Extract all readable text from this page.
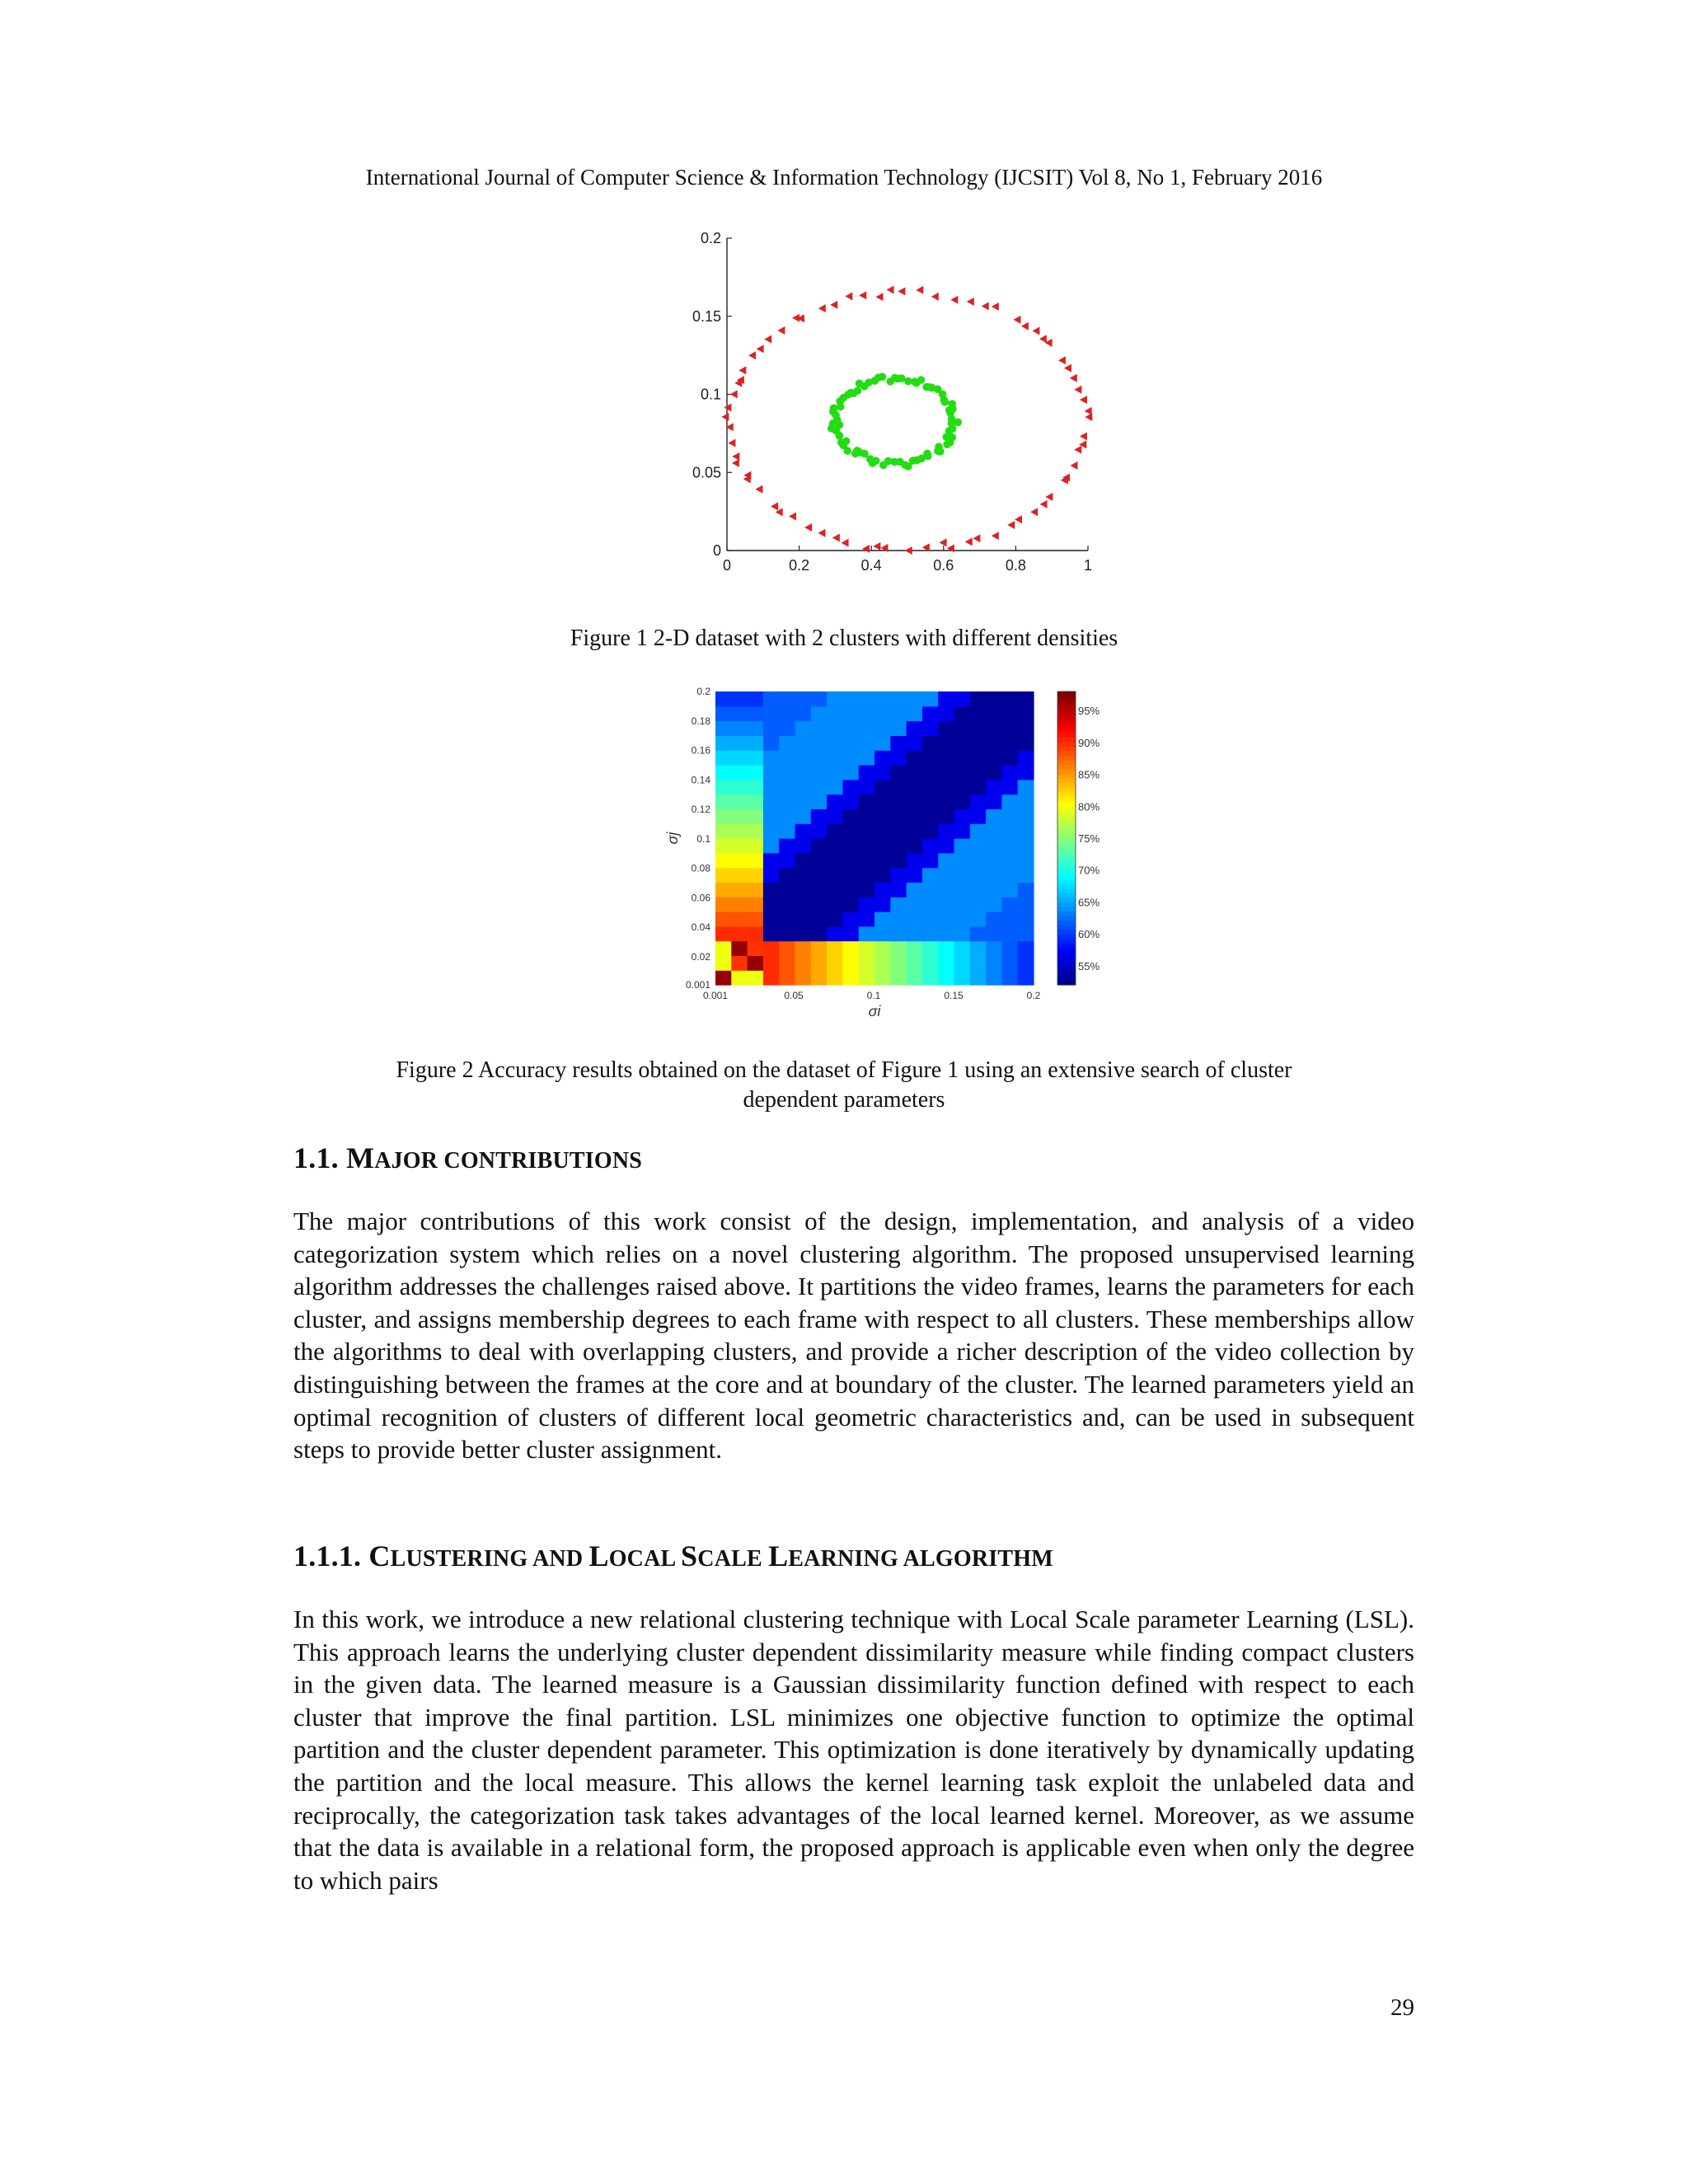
International Journal of Computer Science & Information Technology (IJCSIT) Vol 8, No 1, February 2016
0	0.2	0.4	0.6	0.8	1
0
0.05
0.1
0.15
0.2
Figure 1 2-D dataset with 2 clusters with different densities
55%
60%
65%
70%
75%
80%
85%
90%
95%
0.001	0.05	0.1	0.15	0.2
0.001
0.02
0.04
0.06
0.08
0.1
0.12
0.14
0.16
0.18
0.2
σi
σj
Figure 2 Accuracy results obtained on the dataset of Figure 1 using an extensive search of cluster
dependent parameters
1.1. MAJOR CONTRIBUTIONS
The major contributions of this work consist of the design, implementation, and analysis of a video categorization system which relies on a novel clustering algorithm. The proposed unsupervised learning algorithm addresses the challenges raised above. It partitions the video frames, learns the parameters for each cluster, and assigns membership degrees to each frame with respect to all clusters. These memberships allow the algorithms to deal with overlapping clusters, and provide a richer description of the video collection by distinguishing between the frames at the core and at boundary of the cluster. The learned parameters yield an optimal recognition of clusters of different local geometric characteristics and, can be used in subsequent steps to provide better cluster assignment.
1.1.1. CLUSTERING AND LOCAL SCALE LEARNING ALGORITHM
In this work, we introduce a new relational clustering technique with Local Scale parameter Learning (LSL). This approach learns the underlying cluster dependent dissimilarity measure while finding compact clusters in the given data. The learned measure is a Gaussian dissimilarity function defined with respect to each cluster that improve the final partition. LSL minimizes one objective function to optimize the optimal partition and the cluster dependent parameter. This optimization is done iteratively by dynamically updating the partition and the local measure. This allows the kernel learning task exploit the unlabeled data and reciprocally, the categorization task takes advantages of the local learned kernel. Moreover, as we assume that the data is available in a relational form, the proposed approach is applicable even when only the degree to which pairs
29
